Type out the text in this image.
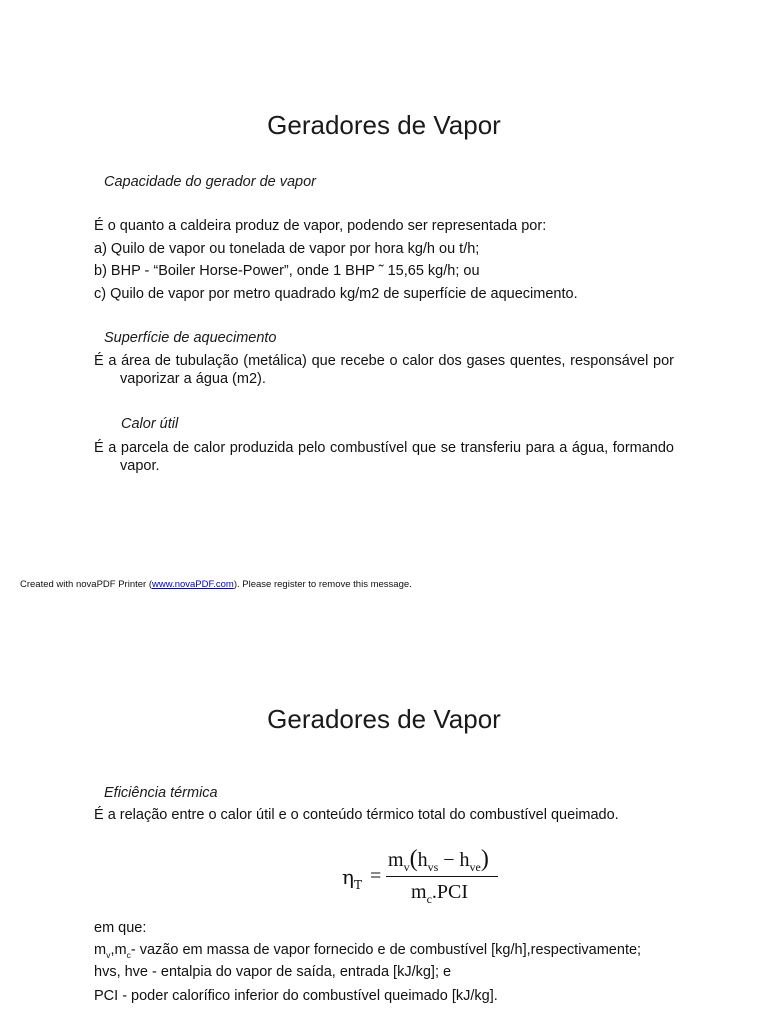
Geradores de Vapor

Capacidade do gerador de vapor

É o quanto a caldeira produz de vapor, podendo ser representada por:

a) Quilo de vapor ou tonelada de vapor por hora kg/h ou t/h;

b) BHP - “Boiler Horse-Power”, onde 1 BHP ˜ 15,65 kg/h; ou

c) Quilo de vapor por metro quadrado kg/m2 de superfície de aquecimento.

Superfície de aquecimento

É a área de tubulação (metálica) que recebe o calor dos gases quentes, responsável por vaporizar a água (m2).

Calor útil

É a parcela de calor produzida pelo combustível que se transferiu para a água, formando vapor.

Created with novaPDF Printer (www.novaPDF.com). Please register to remove this message.
Geradores de Vapor

Eficiência térmica

É a relação entre o calor útil e o conteúdo térmico total do combustível queimado.

$\eta_T$ =
$m_v(h_{vs} - h_{ve})$
$m_c.PCI$

em que:

$m_v,m_c-$ vazão em massa de vapor fornecido e de combustível [kg/h],respectivamente;

hvs, hve - entalpia do vapor de saída, entrada [kJ/kg]; e

PCI - poder calorífico inferior do combustível queimado [kJ/kg].
